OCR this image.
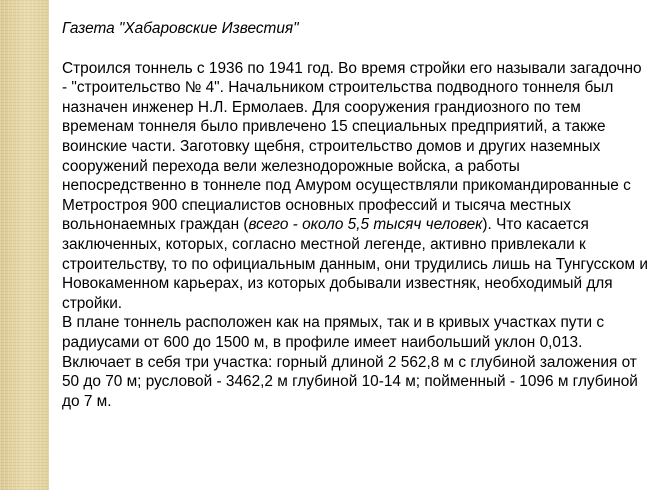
Газета "Хабаровские Известия"

Строился тоннель с 1936 по 1941 год. Во время стройки его называли загадочно - "строительство № 4". Начальником строительства подводного тоннеля был назначен инженер Н.Л. Ермолаев. Для сооружения грандиозного по тем временам тоннеля было привлечено 15 специальных предприятий, а также воинские части. Заготовку щебня, строительство домов и других наземных сооружений перехода вели железнодорожные войска, а работы непосредственно в тоннеле под Амуром осуществляли прикомандированные с Метростроя 900 специалистов основных профессий и тысяча местных вольнонаемных граждан (всего - около 5,5 тысяч человек). Что касается заключенных, которых, согласно местной легенде, активно привлекали к строительству, то по официальным данным, они трудились лишь на Тунгусском и Новокаменном карьерах, из которых добывали известняк, необходимый для стройки.

В плане тоннель расположен как на прямых, так и в кривых участках пути с радиусами от 600 до 1500 м, в профиле имеет наибольший уклон 0,013. Включает в себя три участка: горный длиной 2 562,8 м с глубиной заложения от 50 до 70 м; русловой - 3462,2 м глубиной 10-14 м; пойменный - 1096 м глубиной до 7 м.
